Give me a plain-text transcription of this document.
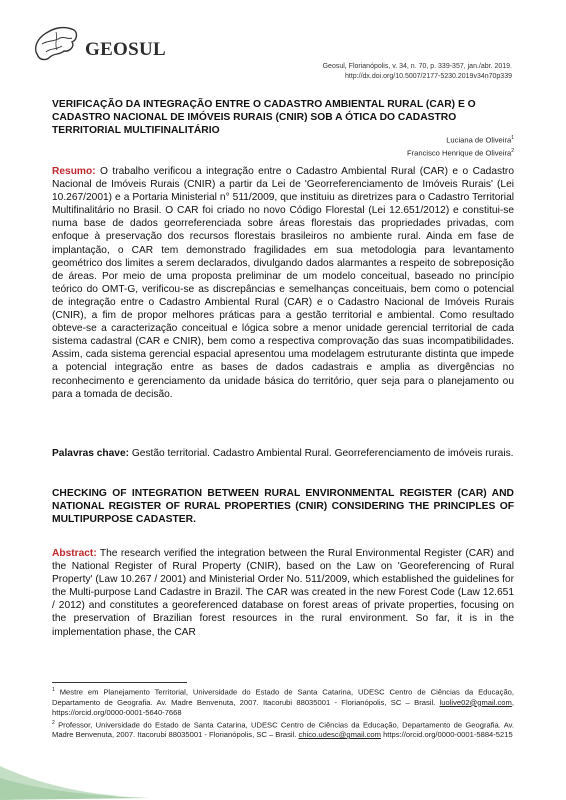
GEOSUL
Geosul, Florianópolis, v. 34, n. 70, p. 339-357, jan./abr. 2019.
http://dx.doi.org/10.5007/2177-5230.2019v34n70p339
VERIFICAÇÃO DA INTEGRAÇÃO ENTRE O CADASTRO AMBIENTAL RURAL (CAR) E O CADASTRO NACIONAL DE IMÓVEIS RURAIS (CNIR) SOB A ÓTICA DO CADASTRO TERRITORIAL MULTIFINALITÁRIO
Luciana de Oliveira$^1$
Francisco Henrique de Oliveira$^2$
Resumo: O trabalho verificou a integração entre o Cadastro Ambiental Rural (CAR) e o Cadastro Nacional de Imóveis Rurais (CNIR) a partir da Lei de 'Georreferenciamento de Imóveis Rurais' (Lei 10.267/2001) e a Portaria Ministerial n° 511/2009, que instituiu as diretrizes para o Cadastro Territorial Multifinalitário no Brasil. O CAR foi criado no novo Código Florestal (Lei 12.651/2012) e constitui-se numa base de dados georreferenciada sobre áreas florestais das propriedades privadas, com enfoque à preservação dos recursos florestais brasileiros no ambiente rural. Ainda em fase de implantação, o CAR tem demonstrado fragilidades em sua metodologia para levantamento geométrico dos limites a serem declarados, divulgando dados alarmantes a respeito de sobreposição de áreas. Por meio de uma proposta preliminar de um modelo conceitual, baseado no princípio teórico do OMT-G, verificou-se as discrepâncias e semelhanças conceituais, bem como o potencial de integração entre o Cadastro Ambiental Rural (CAR) e o Cadastro Nacional de Imóveis Rurais (CNIR), a fim de propor melhores práticas para a gestão territorial e ambiental. Como resultado obteve-se a caracterização conceitual e lógica sobre a menor unidade gerencial territorial de cada sistema cadastral (CAR e CNIR), bem como a respectiva comprovação das suas incompatibilidades. Assim, cada sistema gerencial espacial apresentou uma modelagem estruturante distinta que impede a potencial integração entre as bases de dados cadastrais e amplia as divergências no reconhecimento e gerenciamento da unidade básica do território, quer seja para o planejamento ou para a tomada de decisão.
Palavras chave: Gestão territorial. Cadastro Ambiental Rural. Georreferenciamento de imóveis rurais.
CHECKING OF INTEGRATION BETWEEN RURAL ENVIRONMENTAL REGISTER (CAR) AND NATIONAL REGISTER OF RURAL PROPERTIES (CNIR) CONSIDERING THE PRINCIPLES OF MULTIPURPOSE CADASTER.
Abstract: The research verified the integration between the Rural Environmental Register (CAR) and the National Register of Rural Property (CNIR), based on the Law on 'Georeferencing of Rural Property' (Law 10.267 / 2001) and Ministerial Order No. 511/2009, which established the guidelines for the Multi-purpose Land Cadastre in Brazil. The CAR was created in the new Forest Code (Law 12.651 / 2012) and constitutes a georeferenced database on forest areas of private properties, focusing on the preservation of Brazilian forest resources in the rural environment. So far, it is in the implementation phase, the CAR
$^1$ Mestre em Planejamento Territorial, Universidade do Estado de Santa Catarina, UDESC Centro de Ciências da Educação, Departamento de Geografia. Av. Madre Benvenuta, 2007. Itacorubi 88035001 - Florianópolis, SC – Brasil. luolive02@gmail.com, https://orcid.org/0000-0001-5640-7668
$^2$ Professor, Universidade do Estado de Santa Catarina, UDESC Centro de Ciências da Educação, Departamento de Geografia. Av. Madre Benvenuta, 2007. Itacorubi 88035001 - Florianópolis, SC – Brasil. chico.udesc@gmail.com https://orcid.org/0000-0001-5884-5215
